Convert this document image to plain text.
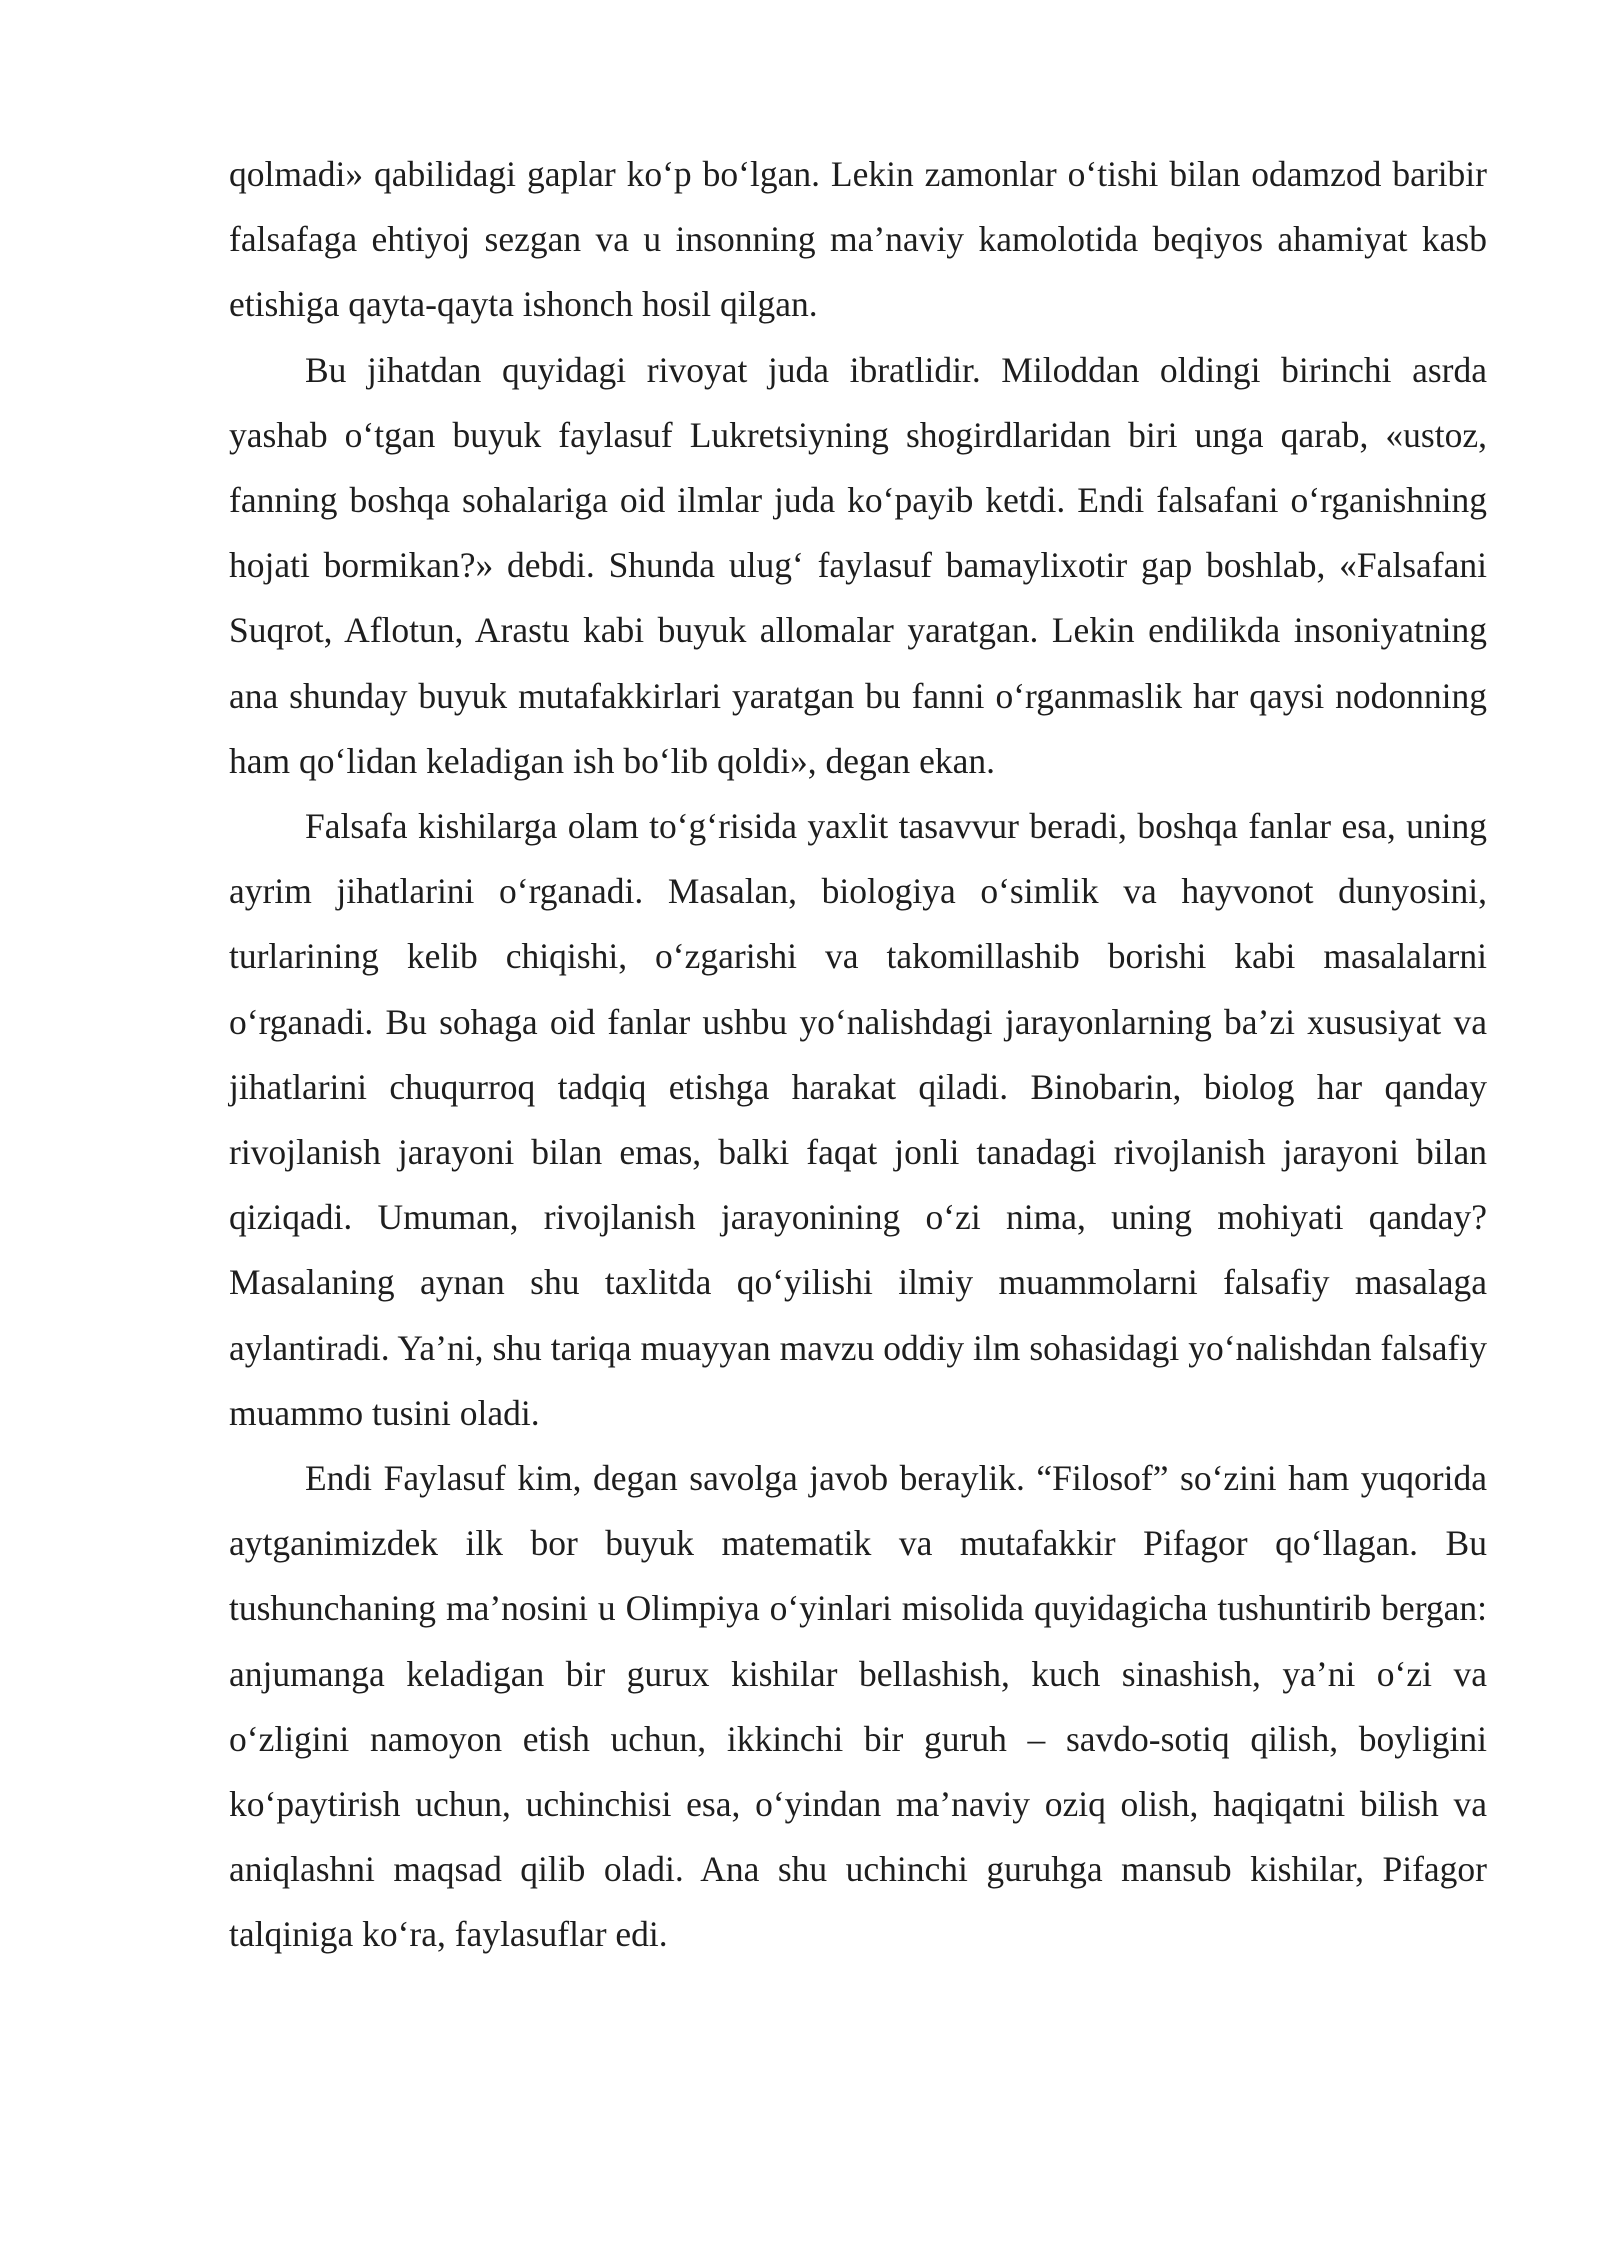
qolmadi» qabilidagi gaplar ko‘p bo‘lgan. Lekin zamonlar o‘tishi bilan odamzod baribir falsafaga ehtiyoj sezgan va u insonning ma’naviy kamolotida beqiyos ahamiyat kasb etishiga qayta-qayta ishonch hosil qilgan.

Bu jihatdan quyidagi rivoyat juda ibratlidir. Miloddan oldingi birinchi asrda yashab o‘tgan buyuk faylasuf Lukretsiyning shogirdlaridan biri unga qarab, «ustoz, fanning boshqa sohalariga oid ilmlar juda ko‘payib ketdi. Endi falsafani o‘rganishning hojati bormikan?» debdi. Shunda ulug‘ faylasuf bamaylixotir gap boshlab, «Falsafani Suqrot, Aflotun, Arastu kabi buyuk allomalar yaratgan. Lekin endilikda insoniyatning ana shunday buyuk mutafakkirlari yaratgan bu fanni o‘rganmaslik har qaysi nodonning ham qo‘lidan keladigan ish bo‘lib qoldi», degan ekan.

Falsafa kishilarga olam to‘g‘risida yaxlit tasavvur beradi, boshqa fanlar esa, uning ayrim jihatlarini o‘rganadi. Masalan, biologiya o‘simlik va hayvonot dunyosini, turlarining kelib chiqishi, o‘zgarishi va takomillashib borishi kabi masalalarni o‘rganadi. Bu sohaga oid fanlar ushbu yo‘nalishdagi jarayonlarning ba’zi xususiyat va jihatlarini chuqurroq tadqiq etishga harakat qiladi. Binobarin, biolog har qanday rivojlanish jarayoni bilan emas, balki faqat jonli tanadagi rivojlanish jarayoni bilan qiziqadi. Umuman, rivojlanish jarayonining o‘zi nima, uning mohiyati qanday? Masalaning aynan shu taxlitda qo‘yilishi ilmiy muammolarni falsafiy masalaga aylantiradi. Ya’ni, shu tariqa muayyan mavzu oddiy ilm sohasidagi yo‘nalishdan falsafiy muammo tusini oladi.

Endi Faylasuf kim, degan savolga javob beraylik. “Filosof” so‘zini ham yuqorida aytganimizdek ilk bor buyuk matematik va mutafakkir Pifagor qo‘llagan. Bu tushunchaning ma’nosini u Olimpiya o‘yinlari misolida quyidagicha tushuntirib bergan: anjumanga keladigan bir gurux kishilar bellashish, kuch sinashish, ya’ni o‘zi va o‘zligini namoyon etish uchun, ikkinchi bir guruh – savdo-sotiq qilish, boyligini ko‘paytirish uchun, uchinchisi esa, o‘yindan ma’naviy oziq olish, haqiqatni bilish va aniqlashni maqsad qilib oladi. Ana shu uchinchi guruhga mansub kishilar, Pifagor talqiniga ko‘ra, faylasuflar edi.
